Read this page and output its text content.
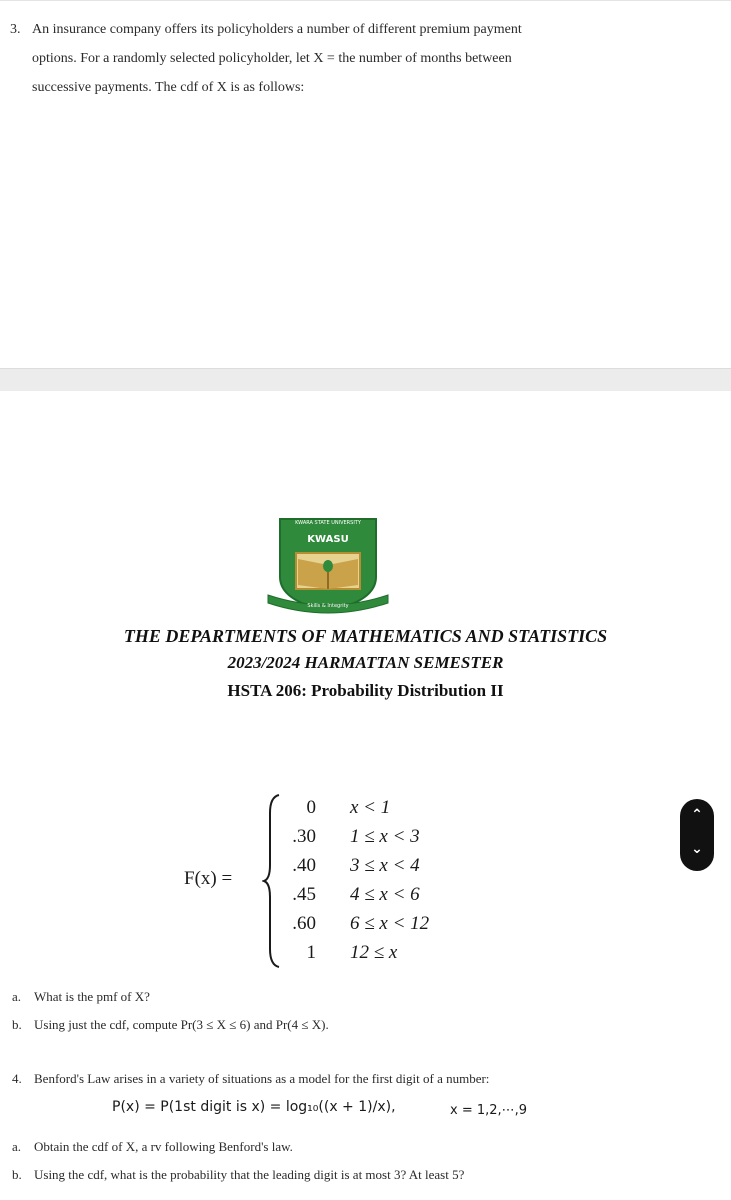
3. An insurance company offers its policyholders a number of different premium payment
options. For a randomly selected policyholder, let X = the number of months between
successive payments. The cdf of X is as follows:
KWARA STATE UNIVERSITY
KWASU
Skills & Integrity
THE DEPARTMENTS OF MATHEMATICS AND STATISTICS
2023/2024 HARMATTAN SEMESTER
HSTA 206: Probability Distribution II
F(x) =
0 x < 1
.30 1 ≤ x < 3
.40 3 ≤ x < 4
.45 4 ≤ x < 6
.60 6 ≤ x < 12
1 12 ≤ x
a. What is the pmf of X?
b. Using just the cdf, compute Pr(3 ≤ X ≤ 6) and Pr(4 ≤ X).
4. Benford's Law arises in a variety of situations as a model for the first digit of a number:
P(x) = P(1st digit is x) = log₁₀((x + 1)/x),	x = 1,2,⋯,9
a. Obtain the cdf of X, a rv following Benford's law.
b. Using the cdf, what is the probability that the leading digit is at most 3? At least 5?
⌃
⌄
